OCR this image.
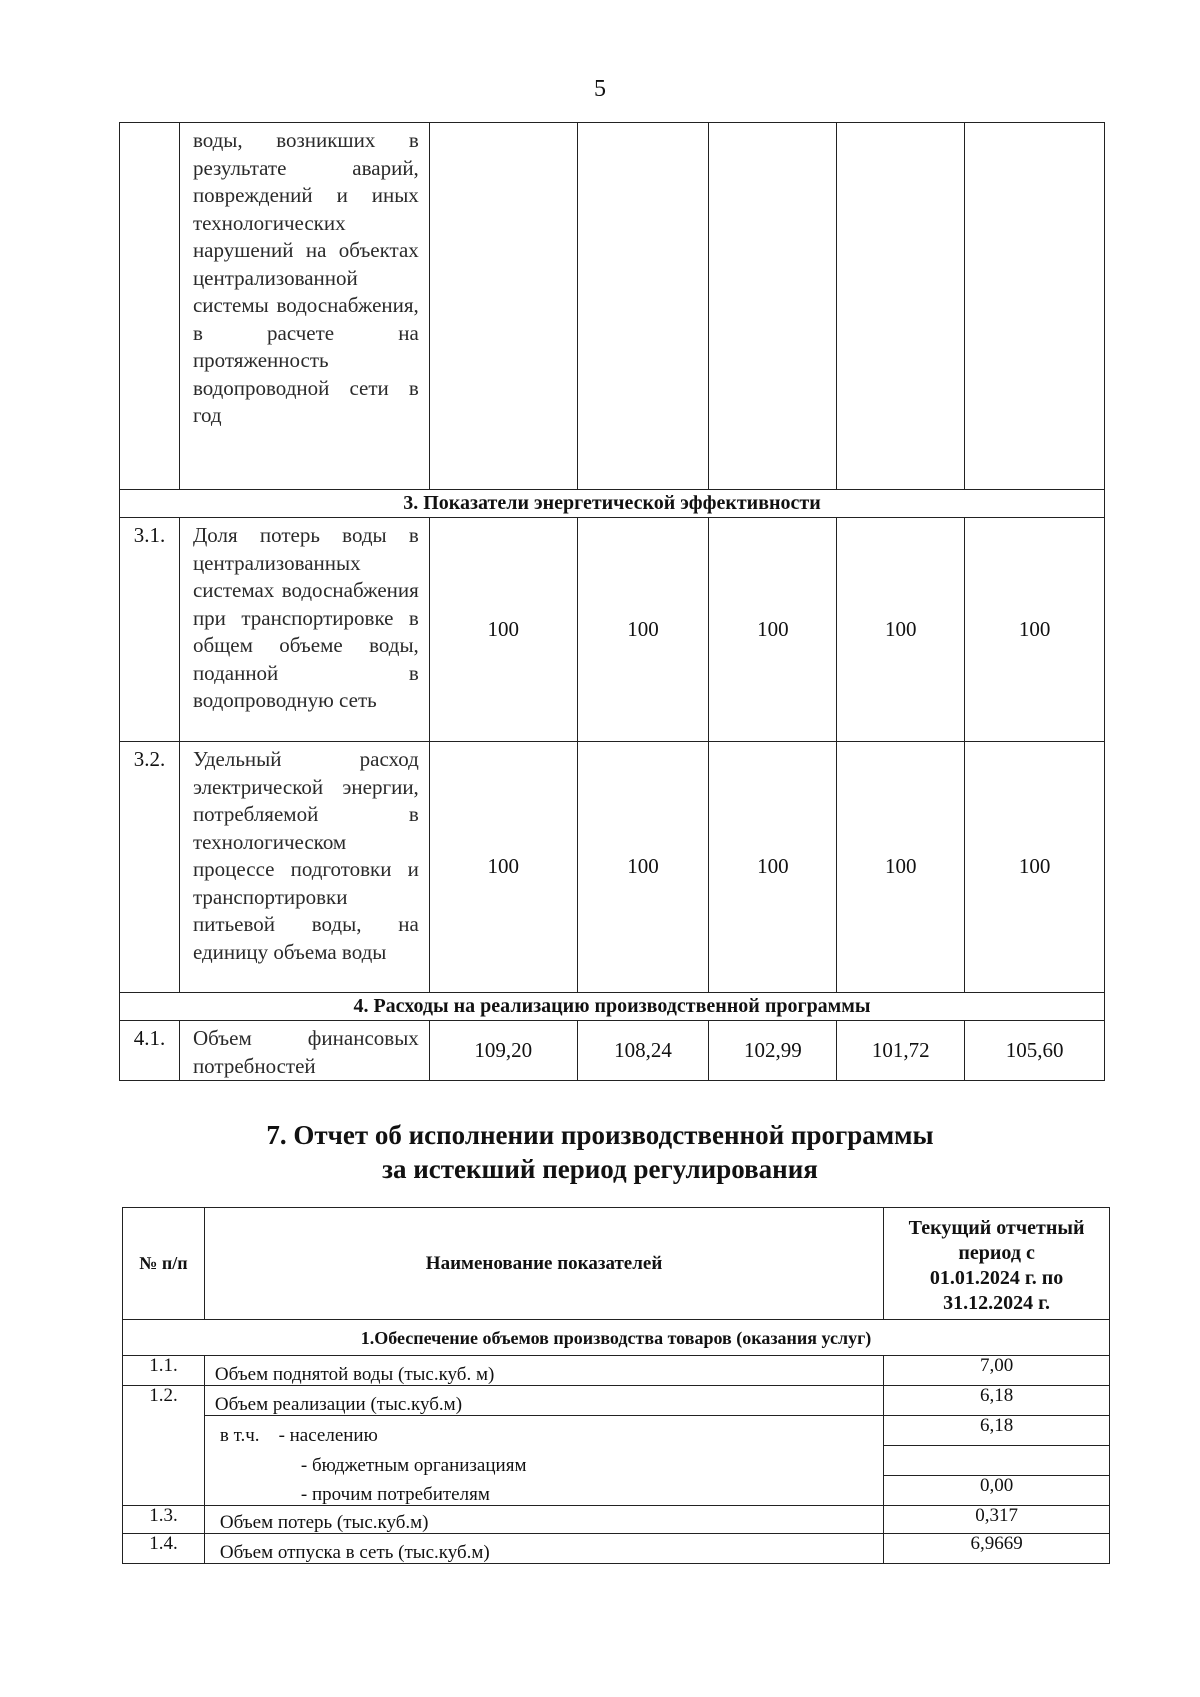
5
	воды, возникших в результате аварий, повреждений и иных технологических нарушений на объектах централизованной системы водоснабжения, в расчете на протяженность водопроводной сети в год					
3. Показатели энергетической эффективности						
3.1.	Доля потерь воды в централизованных системах водоснабжения при транспортировке в общем объеме воды, поданной в водопроводную сеть	100	100	100	100	100
3.2.	Удельный расход электрической энергии, потребляемой в технологическом процессе подготовки и транспортировки питьевой воды, на единицу объема воды	100	100	100	100	100
4. Расходы на реализацию производственной программы						
4.1.	Объем финансовых потребностей	109,20	108,24	102,99	101,72	105,60
7. Отчет об исполнении производственной программы
за истекший период регулирования
№ п/п	Наименование показателей	Текущий отчетный
период с
01.01.2024 г. по
31.12.2024 г.

1.Обеспечение объемов производства товаров (оказания услуг)		
1.1.	Объем поднятой воды (тыс.куб. м)	7,00
1.2.	Объем реализации (тыс.куб.м)	6,18
	в т.ч. - населению	6,18
	- бюджетным организациям	
	- прочим потребителям	0,00
1.3.	Объем потерь (тыс.куб.м)	0,317
1.4.	Объем отпуска в сеть (тыс.куб.м)	6,9669
